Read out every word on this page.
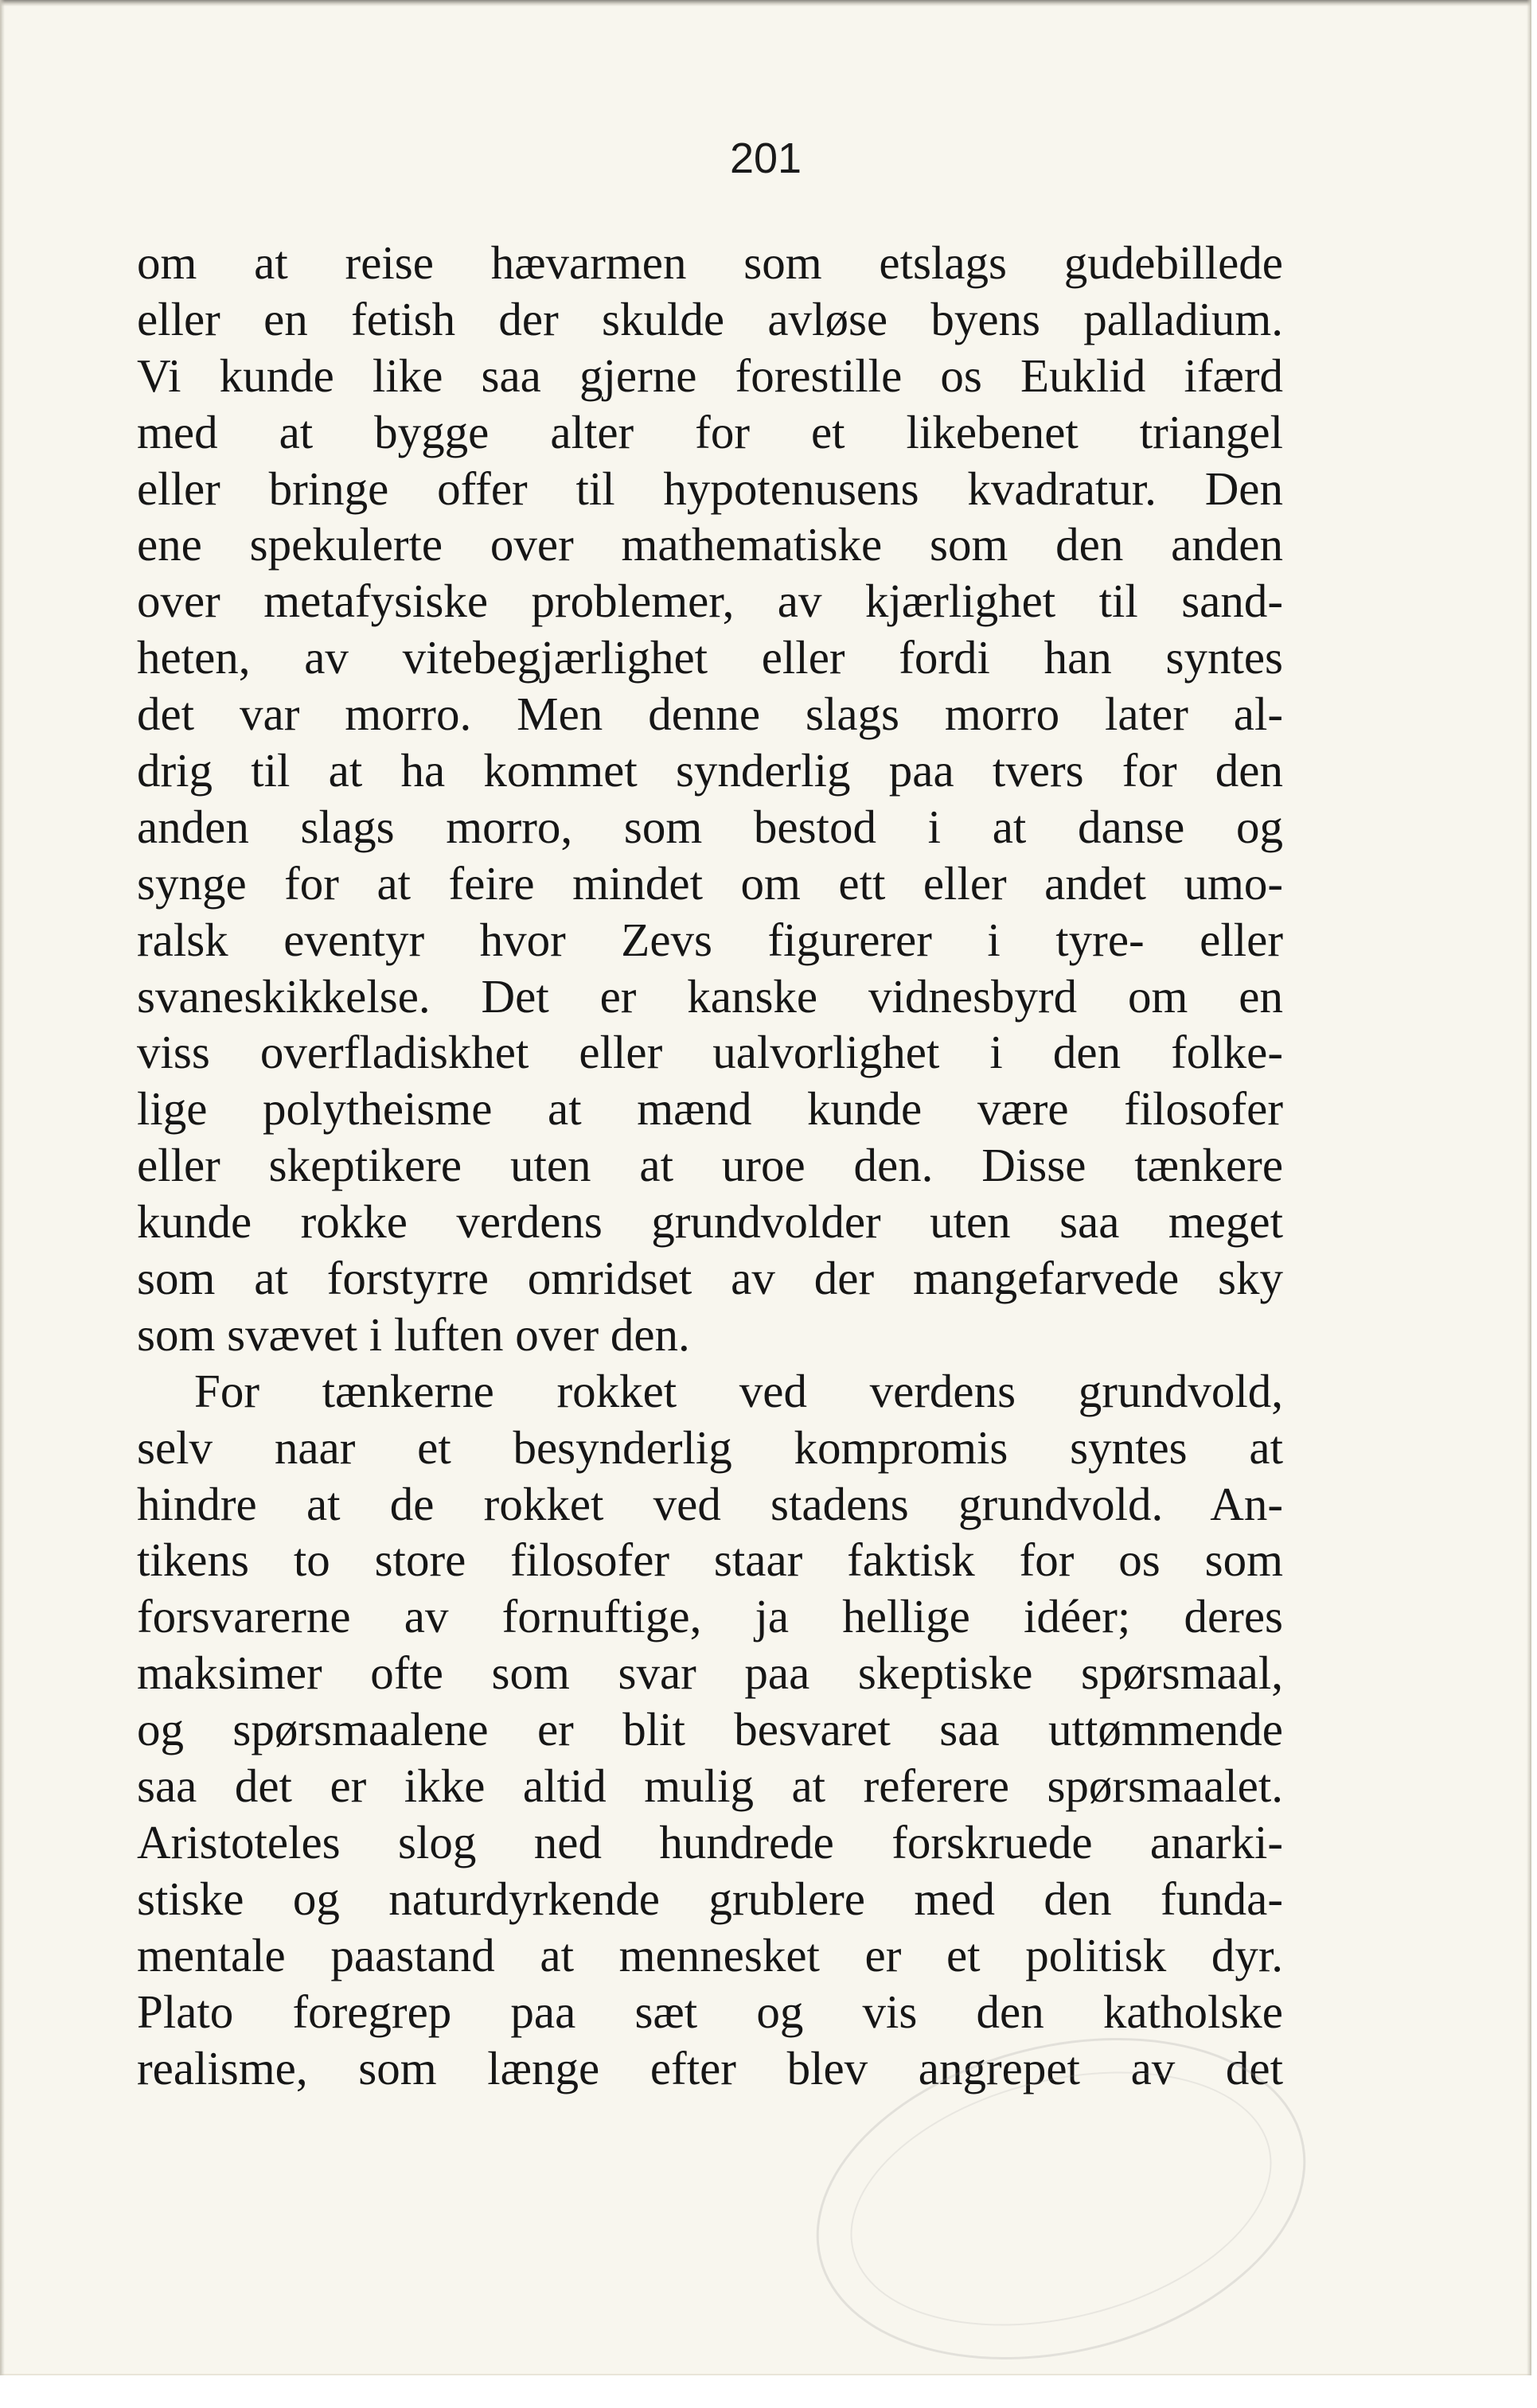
201
om at reise hævarmen som etslags gudebillede
eller en fetish der skulde avløse byens palladium.
Vi kunde like saa gjerne forestille os Euklid ifærd
med at bygge alter for et likebenet triangel
eller bringe offer til hypotenusens kvadratur. Den
ene spekulerte over mathematiske som den anden
over metafysiske problemer, av kjærlighet til sand-
heten, av vitebegjærlighet eller fordi han syntes
det var morro. Men denne slags morro later al-
drig til at ha kommet synderlig paa tvers for den
anden slags morro, som bestod i at danse og
synge for at feire mindet om ett eller andet umo-
ralsk eventyr hvor Zevs figurerer i tyre- eller
svaneskikkelse. Det er kanske vidnesbyrd om en
viss overfladiskhet eller ualvorlighet i den folke-
lige polytheisme at mænd kunde være filosofer
eller skeptikere uten at uroe den. Disse tænkere
kunde rokke verdens grundvolder uten saa meget
som at forstyrre omridset av der mangefarvede sky
som svævet i luften over den.
For tænkerne rokket ved verdens grundvold,
selv naar et besynderlig kompromis syntes at
hindre at de rokket ved stadens grundvold. An-
tikens to store filosofer staar faktisk for os som
forsvarerne av fornuftige, ja hellige idéer; deres
maksimer ofte som svar paa skeptiske spørsmaal,
og spørsmaalene er blit besvaret saa uttømmende
saa det er ikke altid mulig at referere spørsmaalet.
Aristoteles slog ned hundrede forskruede anarki-
stiske og naturdyrkende grublere med den funda-
mentale paastand at mennesket er et politisk dyr.
Plato foregrep paa sæt og vis den katholske
realisme, som længe efter blev angrepet av det
